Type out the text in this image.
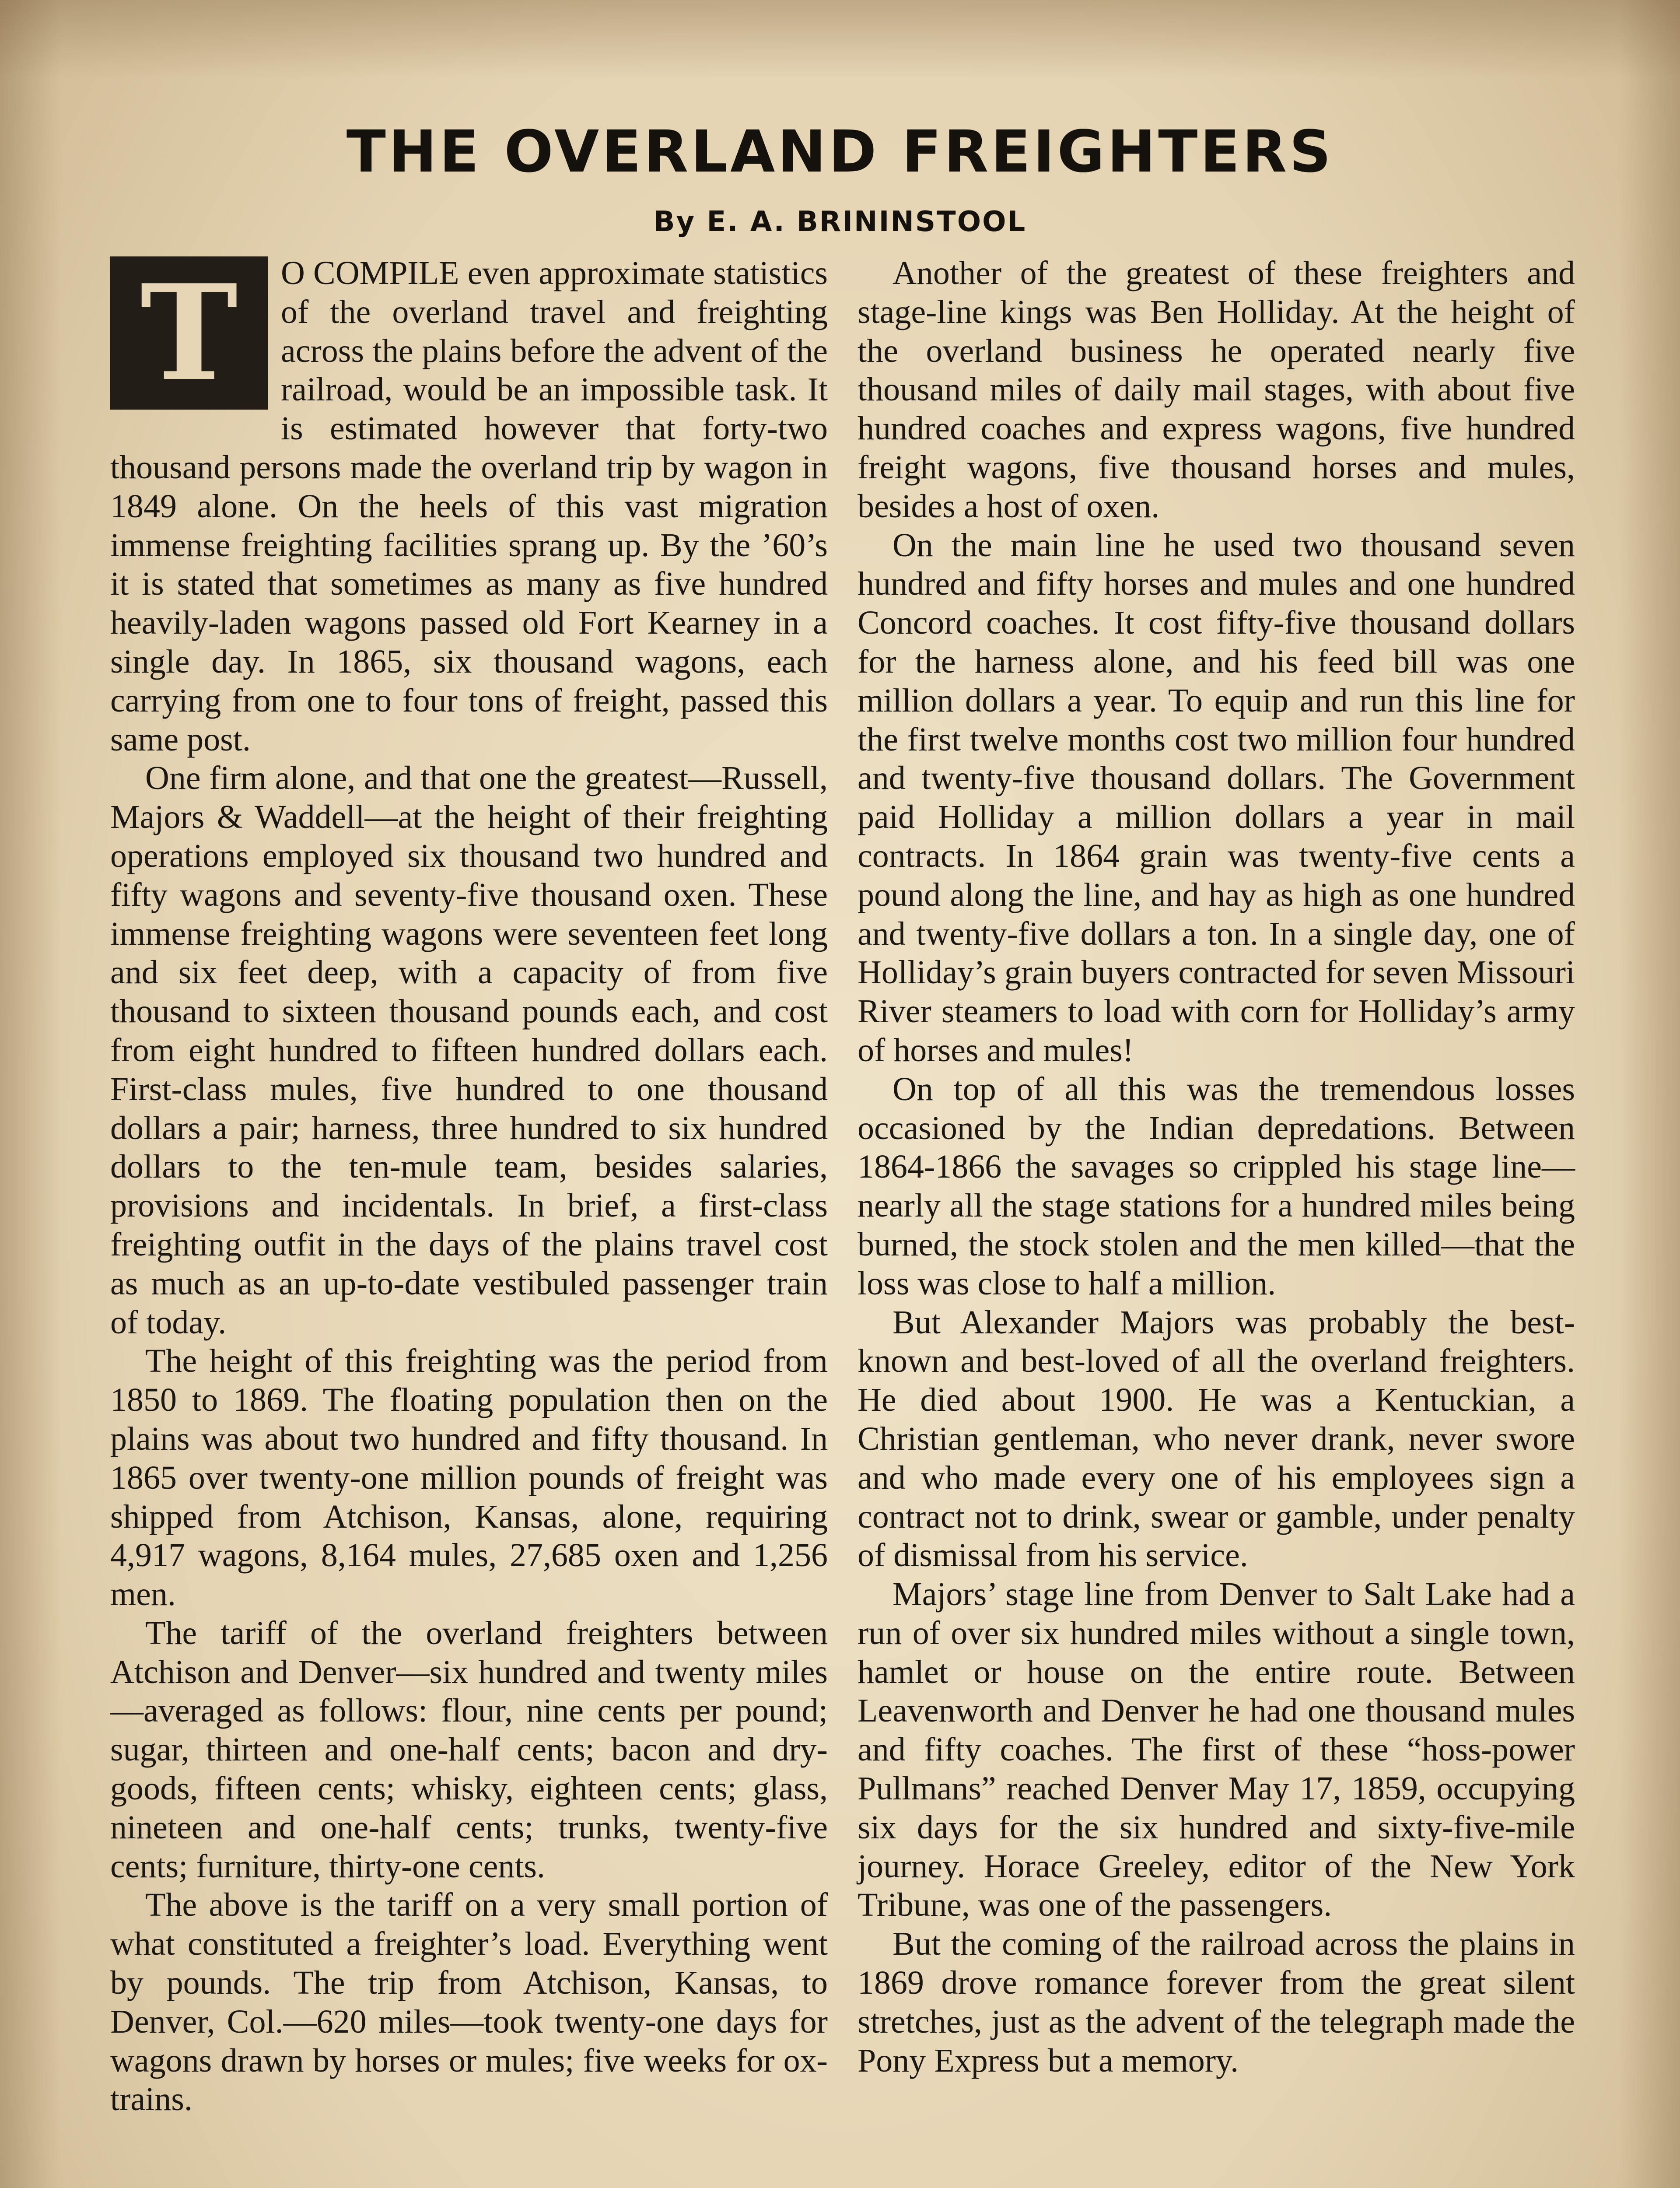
THE OVERLAND FREIGHTERS
By E. A. BRININSTOOL

T	O COMPILE even approximate statistics of the overland travel and freighting across the plains before the advent of the railroad, would be an impossible task. It is estimated however that forty-two thousand persons made the overland trip by wagon in 1849 alone. On the heels of this vast migration immense freighting facilities sprang up. By the ’60’s it is stated that sometimes as many as five hundred heavily-laden wagons passed old Fort Kearney in a single day. In 1865, six thousand wagons, each carrying from one to four tons of freight, passed this same post.

One firm alone, and that one the greatest—Russell, Majors & Waddell—at the height of their freighting operations employed six thousand two hundred and fifty wagons and seventy-five thousand oxen. These immense freighting wagons were seventeen feet long and six feet deep, with a capacity of from five thousand to sixteen thousand pounds each, and cost from eight hundred to fifteen hundred dollars each. First-class mules, five hundred to one thousand dollars a pair; harness, three hundred to six hundred dollars to the ten-mule team, besides salaries, provisions and incidentals. In brief, a first-class freighting outfit in the days of the plains travel cost as much as an up-to-date vestibuled passenger train of today.

The height of this freighting was the period from 1850 to 1869. The floating population then on the plains was about two hundred and fifty thousand. In 1865 over twenty-one million pounds of freight was shipped from Atchison, Kansas, alone, requiring 4,917 wagons, 8,164 mules, 27,685 oxen and 1,256 men.

The tariff of the overland freighters between Atchison and Denver—six hundred and twenty miles—averaged as follows: flour, nine cents per pound; sugar, thirteen and one-half cents; bacon and dry-goods, fifteen cents; whisky, eighteen cents; glass, nineteen and one-half cents; trunks, twenty-five cents; furniture, thirty-one cents.

The above is the tariff on a very small portion of what constituted a freighter’s load. Everything went by pounds. The trip from Atchison, Kansas, to Denver, Col.—620 miles—took twenty-one days for wagons drawn by horses or mules; five weeks for ox-trains.

Another of the greatest of these freighters and stage-line kings was Ben Holliday. At the height of the overland business he operated nearly five thousand miles of daily mail stages, with about five hundred coaches and express wagons, five hundred freight wagons, five thousand horses and mules, besides a host of oxen.

On the main line he used two thousand seven hundred and fifty horses and mules and one hundred Concord coaches. It cost fifty-five thousand dollars for the harness alone, and his feed bill was one million dollars a year. To equip and run this line for the first twelve months cost two million four hundred and twenty-five thousand dollars. The Government paid Holliday a million dollars a year in mail contracts. In 1864 grain was twenty-five cents a pound along the line, and hay as high as one hundred and twenty-five dollars a ton. In a single day, one of Holliday’s grain buyers contracted for seven Missouri River steamers to load with corn for Holliday’s army of horses and mules!

On top of all this was the tremendous losses occasioned by the Indian depredations. Between 1864-1866 the savages so crippled his stage line—nearly all the stage stations for a hundred miles being burned, the stock stolen and the men killed—that the loss was close to half a million.

But Alexander Majors was probably the best-known and best-loved of all the overland freighters. He died about 1900. He was a Kentuckian, a Christian gentleman, who never drank, never swore and who made every one of his employees sign a contract not to drink, swear or gamble, under penalty of dismissal from his service.

Majors’ stage line from Denver to Salt Lake had a run of over six hundred miles without a single town, hamlet or house on the entire route. Between Leavenworth and Denver he had one thousand mules and fifty coaches. The first of these “hoss-power Pullmans” reached Denver May 17, 1859, occupying six days for the six hundred and sixty-five-mile journey. Horace Greeley, editor of the New York Tribune, was one of the passengers.

But the coming of the railroad across the plains in 1869 drove romance forever from the great silent stretches, just as the advent of the telegraph made the Pony Express but a memory.
